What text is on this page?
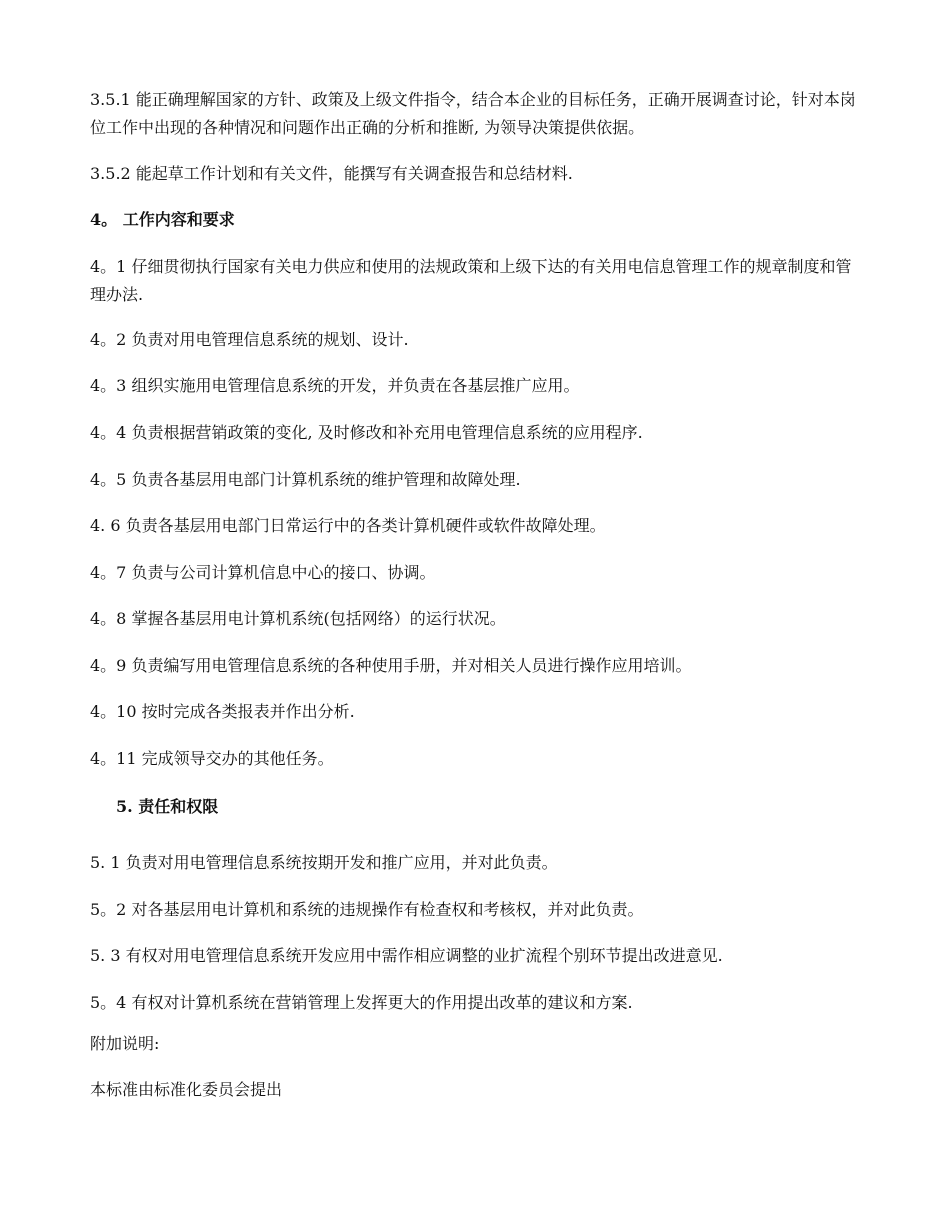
3.5.1 能正确理解国家的方针、政策及上级文件指令，结合本企业的目标任务，正确开展调查讨论，针对本岗位工作中出现的各种情况和问题作出正确的分析和推断, 为领导决策提供依据。

3.5.2 能起草工作计划和有关文件，能撰写有关调查报告和总结材料.

4。 工作内容和要求

4。1 仔细贯彻执行国家有关电力供应和使用的法规政策和上级下达的有关用电信息管理工作的规章制度和管理办法.

4。2 负责对用电管理信息系统的规划、设计.

4。3 组织实施用电管理信息系统的开发，并负责在各基层推广应用。

4。4 负责根据营销政策的变化, 及时修改和补充用电管理信息系统的应用程序.

4。5 负责各基层用电部门计算机系统的维护管理和故障处理.

4. 6 负责各基层用电部门日常运行中的各类计算机硬件或软件故障处理。

4。7 负责与公司计算机信息中心的接口、协调。

4。8 掌握各基层用电计算机系统(包括网络）的运行状况。

4。9 负责编写用电管理信息系统的各种使用手册，并对相关人员进行操作应用培训。

4。10 按时完成各类报表并作出分析.

4。11 完成领导交办的其他任务。

5. 责任和权限

5. 1 负责对用电管理信息系统按期开发和推广应用，并对此负责。

5。2 对各基层用电计算机和系统的违规操作有检查权和考核权，并对此负责。

5. 3 有权对用电管理信息系统开发应用中需作相应调整的业扩流程个别环节提出改进意见.

5。4 有权对计算机系统在营销管理上发挥更大的作用提出改革的建议和方案.

附加说明:

本标准由标准化委员会提出
